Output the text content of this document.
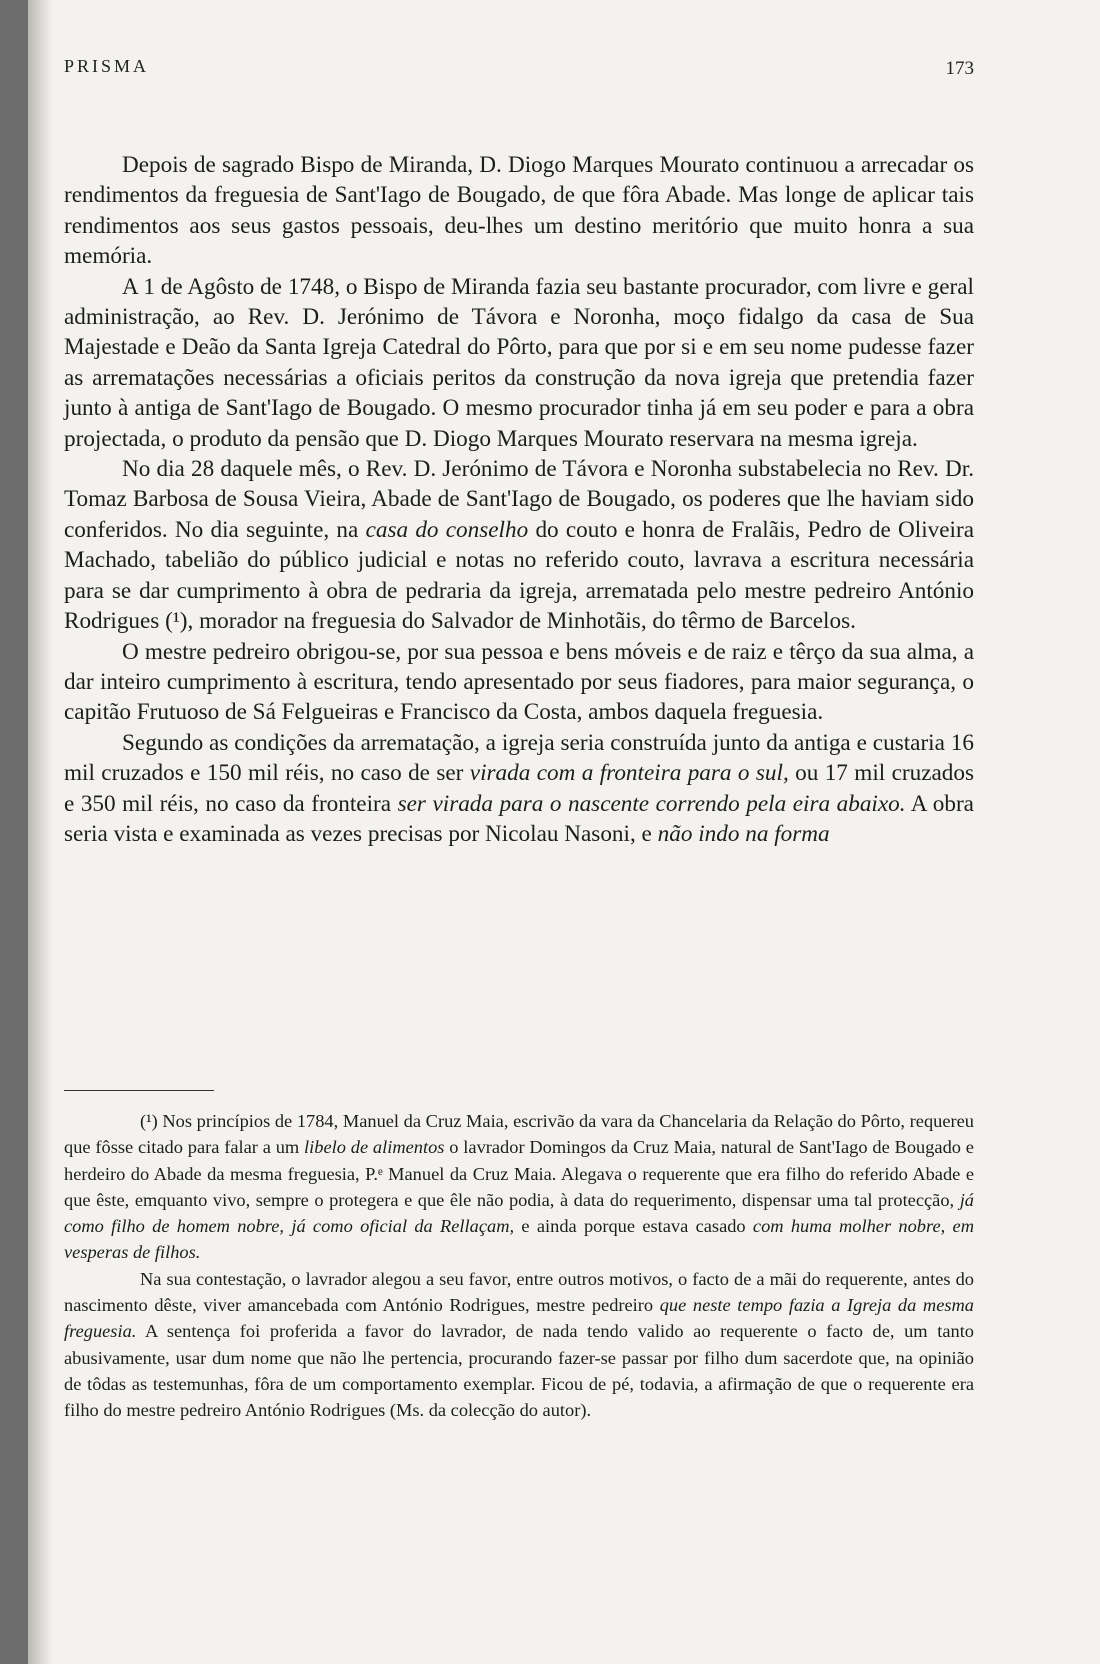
PRISMA	173

Depois de sagrado Bispo de Miranda, D. Diogo Marques Mourato continuou a arrecadar os rendimentos da freguesia de Sant'Iago de Bougado, de que fôra Abade. Mas longe de aplicar tais rendimentos aos seus gastos pessoais, deu-lhes um destino meritório que muito honra a sua memória.

A 1 de Agôsto de 1748, o Bispo de Miranda fazia seu bastante procurador, com livre e geral administração, ao Rev. D. Jerónimo de Távora e Noronha, moço fidalgo da casa de Sua Majestade e Deão da Santa Igreja Catedral do Pôrto, para que por si e em seu nome pudesse fazer as arrematações necessárias a oficiais peritos da construção da nova igreja que pretendia fazer junto à antiga de Sant'Iago de Bougado. O mesmo procurador tinha já em seu poder e para a obra projectada, o produto da pensão que D. Diogo Marques Mourato reservara na mesma igreja.

No dia 28 daquele mês, o Rev. D. Jerónimo de Távora e Noronha substabelecia no Rev. Dr. Tomaz Barbosa de Sousa Vieira, Abade de Sant'Iago de Bougado, os poderes que lhe haviam sido conferidos. No dia seguinte, na casa do conselho do couto e honra de Fralãis, Pedro de Oliveira Machado, tabelião do público judicial e notas no referido couto, lavrava a escritura necessária para se dar cumprimento à obra de pedraria da igreja, arrematada pelo mestre pedreiro António Rodrigues (¹), morador na freguesia do Salvador de Minhotãis, do têrmo de Barcelos.

O mestre pedreiro obrigou-se, por sua pessoa e bens móveis e de raiz e têrço da sua alma, a dar inteiro cumprimento à escritura, tendo apresentado por seus fiadores, para maior segurança, o capitão Frutuoso de Sá Felgueiras e Francisco da Costa, ambos daquela freguesia.

Segundo as condições da arrematação, a igreja seria construída junto da antiga e custaria 16 mil cruzados e 150 mil réis, no caso de ser virada com a fronteira para o sul, ou 17 mil cruzados e 350 mil réis, no caso da fronteira ser virada para o nascente correndo pela eira abaixo. A obra seria vista e examinada as vezes precisas por Nicolau Nasoni, e não indo na forma

(¹) Nos princípios de 1784, Manuel da Cruz Maia, escrivão da vara da Chancelaria da Relação do Pôrto, requereu que fôsse citado para falar a um libelo de alimentos o lavrador Domingos da Cruz Maia, natural de Sant'Iago de Bougado e herdeiro do Abade da mesma freguesia, P.ᵉ Manuel da Cruz Maia. Alegava o requerente que era filho do referido Abade e que êste, emquanto vivo, sempre o protegera e que êle não podia, à data do requerimento, dispensar uma tal protecção, já como filho de homem nobre, já como oficial da Rellaçam, e ainda porque estava casado com huma molher nobre, em vesperas de filhos.

Na sua contestação, o lavrador alegou a seu favor, entre outros motivos, o facto de a mãi do requerente, antes do nascimento dêste, viver amancebada com António Rodrigues, mestre pedreiro que neste tempo fazia a Igreja da mesma freguesia. A sentença foi proferida a favor do lavrador, de nada tendo valido ao requerente o facto de, um tanto abusivamente, usar dum nome que não lhe pertencia, procurando fazer-se passar por filho dum sacerdote que, na opinião de tôdas as testemunhas, fôra de um comportamento exemplar. Ficou de pé, todavia, a afirmação de que o requerente era filho do mestre pedreiro António Rodrigues (Ms. da colecção do autor).
